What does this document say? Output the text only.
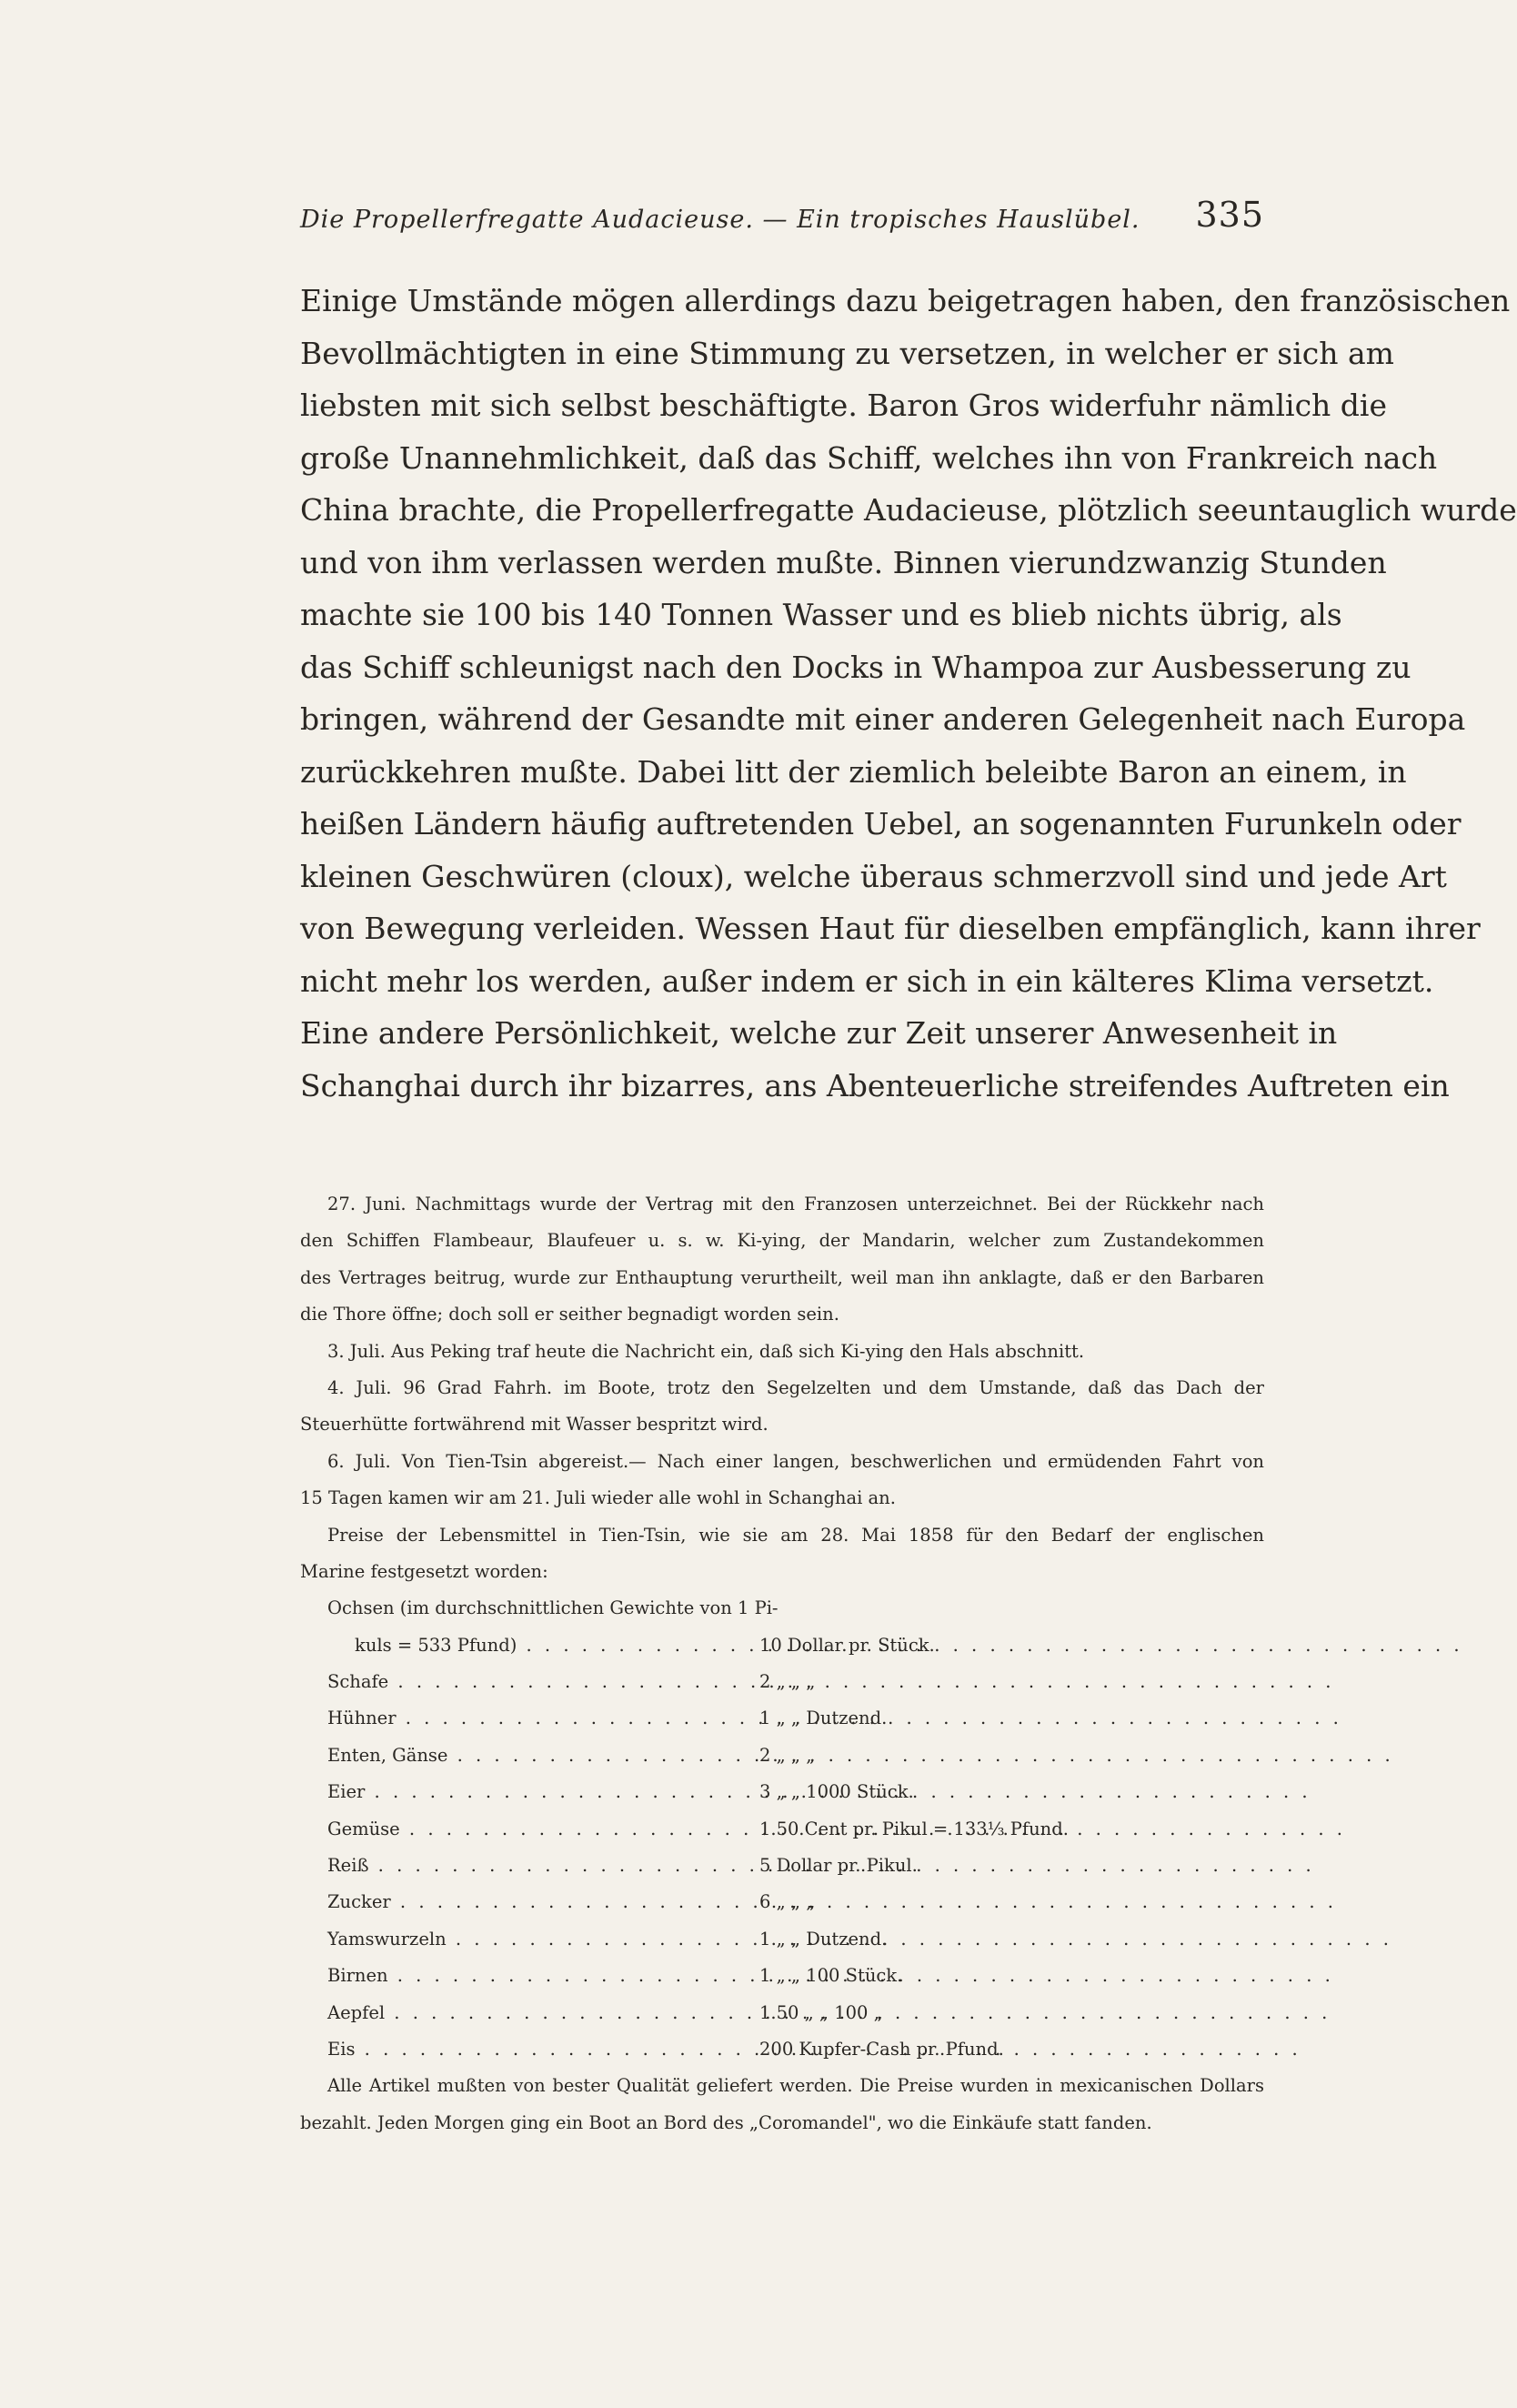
Die Propellerfregatte Audacieuse. — Ein tropisches Hauslübel. 335
Einige Umstände mögen allerdings dazu beigetragen haben, den französischen
Bevollmächtigten in eine Stimmung zu versetzen, in welcher er sich am
liebsten mit sich selbst beschäftigte. Baron Gros widerfuhr nämlich die
große Unannehmlichkeit, daß das Schiff, welches ihn von Frankreich nach
China brachte, die Propellerfregatte Audacieuse, plötzlich seeuntauglich wurde
und von ihm verlassen werden mußte. Binnen vierundzwanzig Stunden
machte sie 100 bis 140 Tonnen Wasser und es blieb nichts übrig, als
das Schiff schleunigst nach den Docks in Whampoa zur Ausbesserung zu
bringen, während der Gesandte mit einer anderen Gelegenheit nach Europa
zurückkehren mußte. Dabei litt der ziemlich beleibte Baron an einem, in
heißen Ländern häufig auftretenden Uebel, an sogenannten Furunkeln oder
kleinen Geschwüren (cloux), welche überaus schmerzvoll sind und jede Art
von Bewegung verleiden. Wessen Haut für dieselben empfänglich, kann ihrer
nicht mehr los werden, außer indem er sich in ein kälteres Klima versetzt.
Eine andere Persönlichkeit, welche zur Zeit unserer Anwesenheit in
Schanghai durch ihr bizarres, ans Abenteuerliche streifendes Auftreten ein
27. Juni. Nachmittags wurde der Vertrag mit den Franzosen unterzeichnet. Bei der Rückkehr nach
den Schiffen Flambeaur, Blaufeuer u. s. w. Ki-ying, der Mandarin, welcher zum Zustandekommen
des Vertrages beitrug, wurde zur Enthauptung verurtheilt, weil man ihn anklagte, daß er den Barbaren
die Thore öffne; doch soll er seither begnadigt worden sein.
3. Juli. Aus Peking traf heute die Nachricht ein, daß sich Ki-ying den Hals abschnitt.
4. Juli. 96 Grad Fahrh. im Boote, trotz den Segelzelten und dem Umstande, daß das Dach der
Steuerhütte fortwährend mit Wasser bespritzt wird.
6. Juli. Von Tien-Tsin abgereist.— Nach einer langen, beschwerlichen und ermüdenden Fahrt von
15 Tagen kamen wir am 21. Juli wieder alle wohl in Schanghai an.
Preise der Lebensmittel in Tien-Tsin, wie sie am 28. Mai 1858 für den Bedarf der englischen
Marine festgesetzt worden:
Ochsen (im durchschnittlichen Gewichte von 1 Pi-
kuls = 533 Pfund) . . .	10 Dollar pr. Stück.
Schafe . . .	2 „ „ „
Hühner . . .	1 „ „ Dutzend.
Enten, Gänse . . .	2 „ „ „
Eier . . .	3 „ „ 1000 Stück.
Gemüse . . .	1.50 Cent pr. Pikul = 133⅓ Pfund.
Reiß . . .	5 Dollar pr. Pikul.
Zucker . . .	6 „ „ „
Yamswurzeln . . .	1 „ „ Dutzend.
Birnen . . .	1 „ „ 100 Stück.
Aepfel . . .	1.50 „ „ 100 „
Eis . . .	200 Kupfer-Cash pr. Pfund.
Alle Artikel mußten von bester Qualität geliefert werden. Die Preise wurden in mexicanischen Dollars
bezahlt. Jeden Morgen ging ein Boot an Bord des „Coromandel", wo die Einkäufe statt fanden.
